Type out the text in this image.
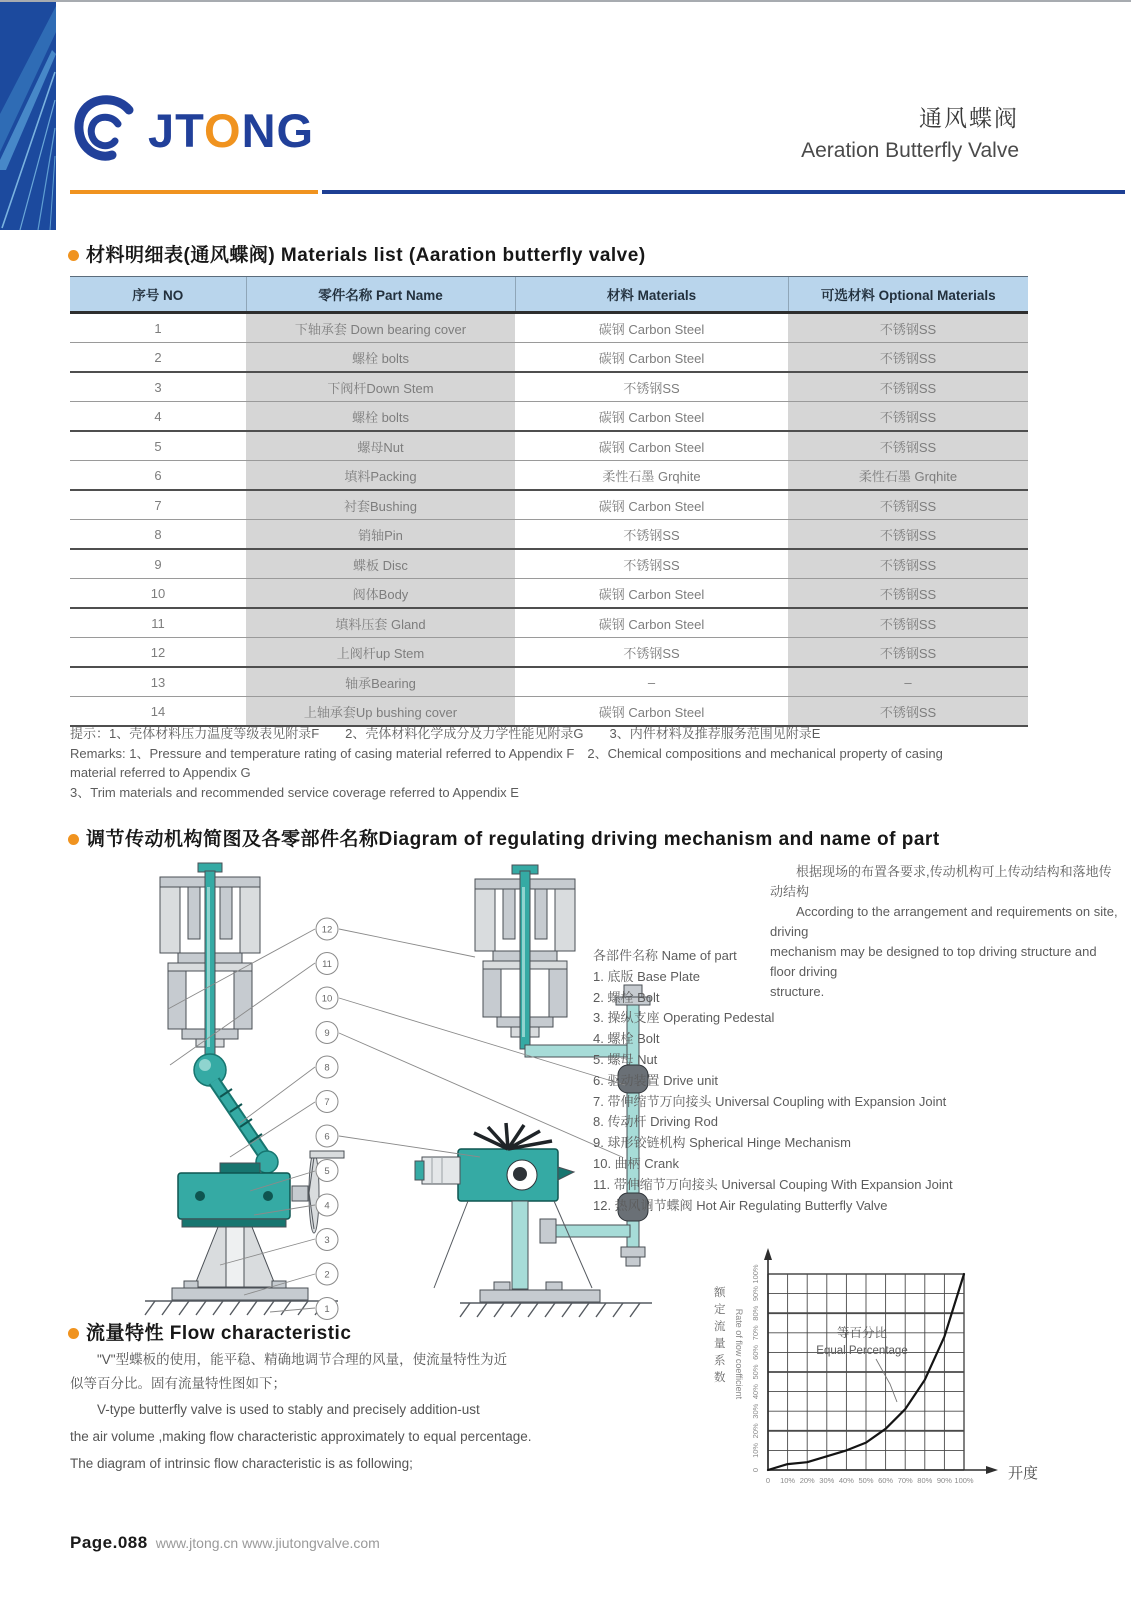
JTONG	通风蝶阀
Aeration Butterfly Valve
材料明细表(通风蝶阀) Materials list (Aaration butterfly valve)
序号 NO	零件名称 Part Name	材料 Materials	可选材料 Optional Materials
1	下轴承套 Down bearing cover	碳钢 Carbon Steel	不锈钢SS
2	螺栓 bolts	碳钢 Carbon Steel	不锈钢SS
3	下阀杆Down Stem	不锈钢SS	不锈钢SS
4	螺栓 bolts	碳钢 Carbon Steel	不锈钢SS
5	螺母Nut	碳钢 Carbon Steel	不锈钢SS
6	填料Packing	柔性石墨 Grqhite	柔性石墨 Grqhite
7	衬套Bushing	碳钢 Carbon Steel	不锈钢SS
8	销轴Pin	不锈钢SS	不锈钢SS
9	蝶板 Disc	不锈钢SS	不锈钢SS
10	阀体Body	碳钢 Carbon Steel	不锈钢SS
11	填料压套 Gland	碳钢 Carbon Steel	不锈钢SS
12	上阀杆up Stem	不锈钢SS	不锈钢SS
13	轴承Bearing	–	–
14	上轴承套Up bushing cover	碳钢 Carbon Steel	不锈钢SS
提示：1、壳体材料压力温度等级表见附录F　　2、壳体材料化学成分及力学性能见附录G　　3、内件材料及推荐服务范围见附录E
Remarks: 1、Pressure and temperature rating of casing material referred to Appendix F　2、Chemical compositions and mechanical property of casing
material referred to Appendix G
3、Trim materials and recommended service coverage referred to Appendix E
调节传动机构简图及各零部件名称Diagram of regulating driving mechanism and name of part
12
11
10
9
8
7
6
5
4
3
2
1
根据现场的布置各要求,传动机构可上传动结构和落地传动结构
According to the arrangement and requirements on site, driving
mechanism may be designed to top driving structure and floor driving
structure.
各部件名称 Name of part
1. 底版 Base Plate
2. 螺栓 Bolt
3. 操纵支座 Operating Pedestal
4. 螺栓 Bolt
5. 螺母 Nut
6. 驱动装置 Drive unit
7. 带伸缩节万向接头 Universal Coupling with Expansion Joint
8. 传动杆 Driving Rod
9. 球形铰链机构 Spherical Hinge Mechanism
10. 曲柄 Crank
11. 带伸缩节万向接头 Universal Couping With Expansion Joint
12. 热风调节蝶阀 Hot Air Regulating Butterfly Valve
流量特性 Flow characteristic
"V"型蝶板的使用，能平稳、精确地调节合理的风量，使流量特性为近
似等百分比。固有流量特性图如下；
V-type butterfly valve is used to stably and precisely addition-ust
the air volume ,making flow characteristic approximately to equal percentage.
The diagram of intrinsic flow characteristic is as following;
额
定
流
量
系
数 Rate of flow coefficient
0 10% 20% 30% 40% 50% 60% 70% 80% 90% 100%
100%
90%
80%
70%
60%
50%
40%
30%
20%
10%
0
等百分比
Equal Percentage
开度
Page.088 www.jtong.cn www.jiutongvalve.com
